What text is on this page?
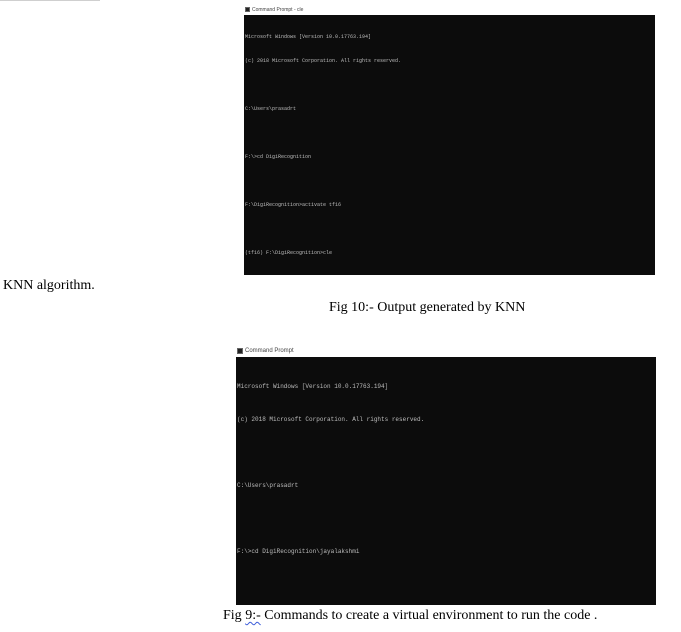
Command Prompt - cle

Microsoft Windows [Version 10.0.17763.194]

(c) 2018 Microsoft Corporation. All rights reserved.

C:\Users\prasadrt

F:\>cd DigiRecognition

F:\DigiRecognition>activate tf16

(tf16) F:\DigiRecognition>cle

KNN algorithm.
Fig 10:- Output generated by KNN
Command Prompt

Microsoft Windows [Version 10.0.17763.194]

(c) 2018 Microsoft Corporation. All rights reserved.

C:\Users\prasadrt

F:\>cd DigiRecognition\jayalakshmi

Fig 9:- Commands to create a virtual environment to run the code .
